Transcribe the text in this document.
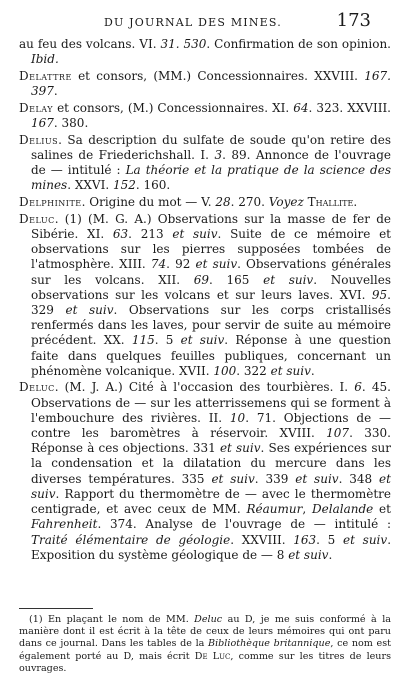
DU JOURNAL DES MINES.	173

au feu des volcans. VI. 31. 530. Confirmation de son opinion. Ibid.

Delattre et consors, (MM.) Concessionnaires. XXVIII. 167. 397.

Delay et consors, (M.) Concessionnaires. XI. 64. 323. XXVIII. 167. 380.

Delius. Sa description du sulfate de soude qu'on retire des salines de Friederichshall. I. 3. 89. Annonce de l'ouvrage de — intitulé : La théorie et la pratique de la science des mines. XXVI. 152. 160.

Delphinite. Origine du mot — V. 28. 270. Voyez Thallite.

Deluc. (1) (M. G. A.) Observations sur la masse de fer de Sibérie. XI. 63. 213 et suiv. Suite de ce mémoire et observations sur les pierres supposées tombées de l'atmosphère. XIII. 74. 92 et suiv. Observations générales sur les volcans. XII. 69. 165 et suiv. Nouvelles observations sur les volcans et sur leurs laves. XVI. 95. 329 et suiv. Observations sur les corps cristallisés renfermés dans les laves, pour servir de suite au mémoire précédent. XX. 115. 5 et suiv. Réponse à une question faite dans quelques feuilles publiques, concernant un phénomène volcanique. XVII. 100. 322 et suiv.

Deluc. (M. J. A.) Cité à l'occasion des tourbières. I. 6. 45. Observations de — sur les atterrissemens qui se forment à l'embouchure des rivières. II. 10. 71. Objections de — contre les baromètres à réservoir. XVIII. 107. 330. Réponse à ces objections. 331 et suiv. Ses expériences sur la condensation et la dilatation du mercure dans les diverses températures. 335 et suiv. 339 et suiv. 348 et suiv. Rapport du thermomètre de — avec le thermomètre centigrade, et avec ceux de MM. Réaumur, Delalande et Fahrenheit. 374. Analyse de l'ouvrage de — intitulé : Traité élémentaire de géologie. XXVIII. 163. 5 et suiv. Exposition du système géologique de — 8 et suiv.

(1) En plaçant le nom de MM. Deluc au D, je me suis conformé à la manière dont il est écrit à la tête de ceux de leurs mémoires qui ont paru dans ce journal. Dans les tables de la Bibliothèque britannique, ce nom est également porté au D, mais écrit De Luc, comme sur les titres de leurs ouvrages.
